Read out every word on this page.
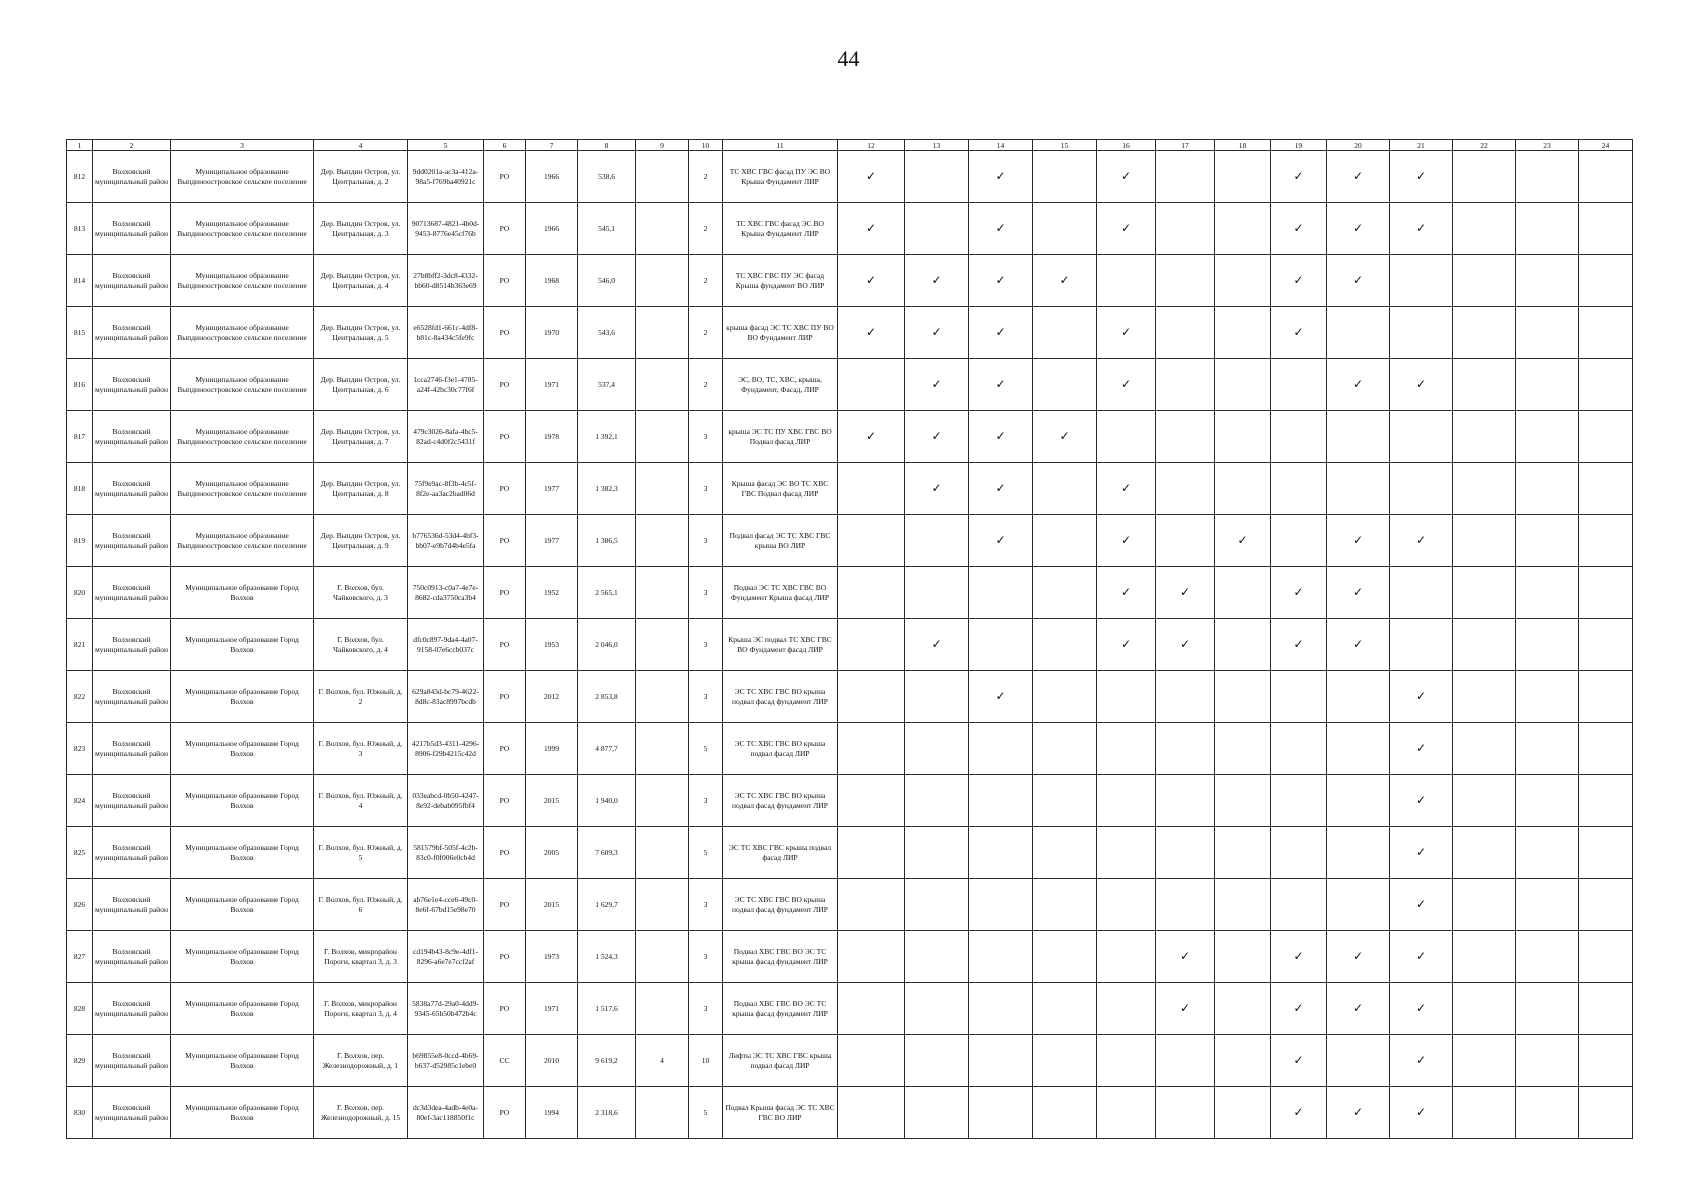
44
1	2	3	4	5	6	7	8	9	10	11	12	13	14	15	16	17	18	19	20	21	22	23	24
812	Волховский муниципальный район	Муниципальное образование Выпдиноостровское сельское поселение	Дер. Выпдин Остров, ул. Центральная, д. 2	9dd0201a-ac3a-412a-98a5-f769ba40921c	РО	1966	538,6		2	ТС ХВС ГВС фасад ПУ ЭС ВО Крыша Фундамент ЛИР	✓		✓		✓			✓	✓	✓			
813	Волховский муниципальный район	Муниципальное образование Выпдиноостровское сельское поселение	Дер. Выпдин Остров, ул. Центральная, д. 3	90713687-4821-4b0d-9453-8776e45cf76b	РО	1966	545,1		2	ТС ХВС ГВС фасад ЭС ВО Крыша Фундамент ЛИР	✓		✓		✓			✓	✓	✓			
814	Волховский муниципальный район	Муниципальное образование Выпдиноостровское сельское поселение	Дер. Выпдин Остров, ул. Центральная, д. 4	27b8bff2-3dc8-4332-bb60-d8514b363e69	РО	1968	546,0		2	ТС ХВС ГВС ПУ ЭС фасад Крыша фундамент ВО ЛИР	✓	✓	✓	✓				✓	✓				
815	Волховский муниципальный район	Муниципальное образование Выпдиноостровское сельское поселение	Дер. Выпдин Остров, ул. Центральная, д. 5	e6528fd1-661c-4df8-b81c-8a434c5fe9fc	РО	1970	543,6		2	крыша фасад ЭС ТС ХВС ПУ ВО ВО Фундамент ЛИР	✓	✓	✓		✓			✓					
816	Волховский муниципальный район	Муниципальное образование Выпдиноостровское сельское поселение	Дер. Выпдин Остров, ул. Центральная, д. 6	1cca2746-f3e1-4785-a24f-42bc30c77f6f	РО	1971	537,4		2	ЭС, ВО, ТС, ХВС, крыша, Фундамент, Фасад, ЛИР		✓	✓		✓				✓	✓			
817	Волховский муниципальный район	Муниципальное образование Выпдиноостровское сельское поселение	Дер. Выпдин Остров, ул. Центральная, д. 7	479c3026-8afa-4bc5-82ad-c4d0f2c5431f	РО	1978	1 392,1		3	крыша ЭС ТС ПУ ХВС ГВС ВО Подвал фасад ЛИР	✓	✓	✓	✓									
818	Волховский муниципальный район	Муниципальное образование Выпдиноостровское сельское поселение	Дер. Выпдин Остров, ул. Центральная, д. 8	75f9e9ac-8f3b-4c5f-8f2e-aa3ac2bad06d	РО	1977	1 382,3		3	Крыша фасад ЭС ВО ТС ХВС ГВС Подвал фасад ЛИР		✓	✓		✓								
819	Волховский муниципальный район	Муниципальное образование Выпдиноостровское сельское поселение	Дер. Выпдин Остров, ул. Центральная, д. 9	b776536d-53d4-4bf3-bb07-e9b7d4b4e5fa	РО	1977	1 386,5		3	Подвал фасад ЭС ТС ХВС ГВС крыша ВО ЛИР			✓		✓		✓		✓	✓			
820	Волховский муниципальный район	Муниципальное образование Город Волхов	Г. Волхов, бул. Чайковского, д. 3	750c0913-c0a7-4e7e-8682-cda3750ca3b4	РО	1952	2 565,1		3	Подвал ЭС ТС ХВС ГВС ВО Фундамент Крыша фасад ЛИР					✓	✓		✓	✓				
821	Волховский муниципальный район	Муниципальное образование Город Волхов	Г. Волхов, бул. Чайковского, д. 4	dfc0c897-9da4-4a07-9158-07e6ccb037c	РО	1953	2 046,0		3	Крыша ЭС подвал ТС ХВС ГВС ВО Фундамент фасад ЛИР		✓			✓	✓		✓	✓				
822	Волховский муниципальный район	Муниципальное образование Город Волхов	Г. Волхов, бул. Южный, д. 2	629a843d-bc79-4622-8d8c-83ac8997bcdb	РО	2012	2 853,8		3	ЭС ТС ХВС ГВС ВО крыша подвал фасад фундамент ЛИР			✓							✓			
823	Волховский муниципальный район	Муниципальное образование Город Волхов	Г. Волхов, бул. Южный, д. 3	4217b5d3-4311-4296-8906-f29b4215c42d	РО	1999	4 877,7		5	ЭС ТС ХВС ГВС ВО крыша подвал фасад ЛИР										✓			
824	Волховский муниципальный район	Муниципальное образование Город Волхов	Г. Волхов, бул. Южный, д. 4	033eabcd-0b50-4247-8e92-debab095fbf4	РО	2015	1 940,0		3	ЭС ТС ХВС ГВС ВО крыша подвал фасад фундамент ЛИР										✓			
825	Волховский муниципальный район	Муниципальное образование Город Волхов	Г. Волхов, бул. Южный, д. 5	581579bf-505f-4c2b-83c0-f0f006e0cb4d	РО	2005	7 609,3		5	ЭС ТС ХВС ГВС крыша подвал фасад ЛИР										✓			
826	Волховский муниципальный район	Муниципальное образование Город Волхов	Г. Волхов, бул. Южный, д. 6	ab76e1e4-cce6-49c0-8e6f-67bd15e98e70	РО	2015	1 629,7		3	ЭС ТС ХВС ГВС ВО крыша подвал фасад фундамент ЛИР										✓			
827	Волховский муниципальный район	Муниципальное образование Город Волхов	Г. Волхов, микрорайон Пороги, квартал 3, д. 3	cd194b43-8c9e-4df1-8296-a6e7e7ccf2af	РО	1973	1 524,3		3	Подвал ХВС ГВС ВО ЭС ТС крыша фасад фундамент ЛИР						✓		✓	✓	✓			
828	Волховский муниципальный район	Муниципальное образование Город Волхов	Г. Волхов, микрорайон Пороги, квартал 3, д. 4	5838a77d-29a0-4dd9-9345-65b50b472b4c	РО	1971	1 517,6		3	Подвал ХВС ГВС ВО ЭС ТС крыша фасад фундамент ЛИР						✓		✓	✓	✓			
829	Волховский муниципальный район	Муниципальное образование Город Волхов	Г. Волхов, пер. Железнодорожный, д. 1	b69855e8-0ccd-4b69-b637-d52985c1ebe0	СС	2010	9 619,2	4	10	Лифты ЭС ТС ХВС ГВС крыша подвал фасад ЛИР								✓		✓			
830	Волховский муниципальный район	Муниципальное образование Город Волхов	Г. Волхов, пер. Железнодорожный, д. 15	dc3d3dea-4adb-4e0a-80ef-3ac118850f1c	РО	1994	2 318,6		5	Подвал Крыша фасад ЭС ТС ХВС ГВС ВО ЛИР								✓	✓	✓			
